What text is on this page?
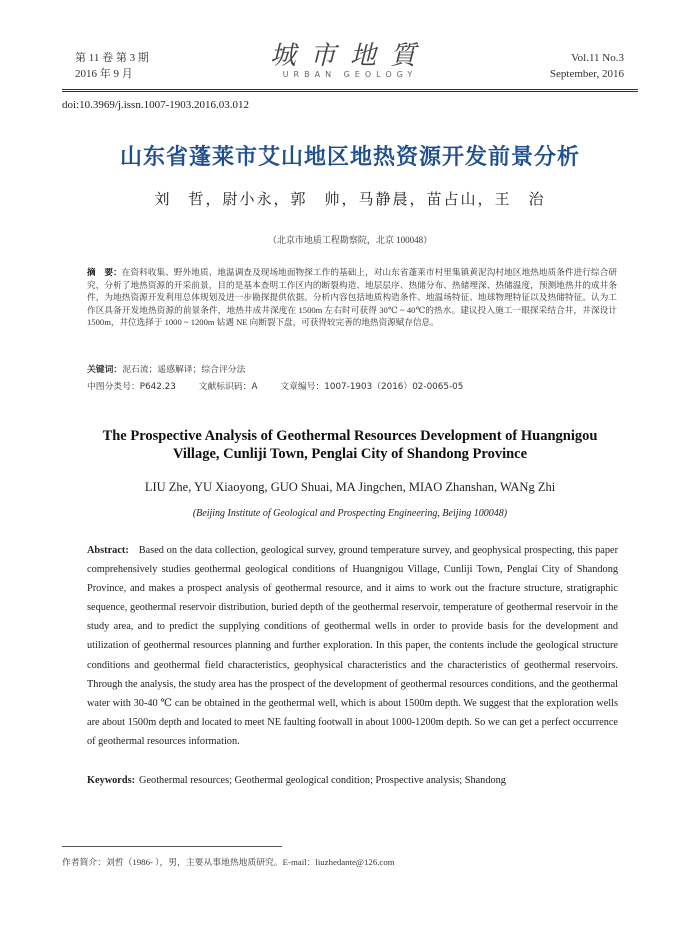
第 11 卷 第 3 期
2016 年 9 月
城市地質
URBAN GEOLOGY
Vol.11 No.3
September, 2016
doi:10.3969/j.issn.1007-1903.2016.03.012
山东省蓬莱市艾山地区地热资源开发前景分析
刘　哲，尉小永，郭　帅，马静晨，苗占山，王　治
（北京市地质工程勘察院，北京 100048）
摘　要：在资料收集、野外地质、地温调查及现场地面物探工作的基础上，对山东省蓬莱市村里集镇黄泥沟村地区地热地质条件进行综合研究，分析了地热资源的开采前景，目的是基本查明工作区内的断裂构造、地层层序、热储分布、热储埋深、热储温度，预测地热井的成井条件，为地热资源开发利用总体规划及进一步勘探提供依据。分析内容包括地质构造条件、地温场特征、地球物理特征以及热储特征。认为工作区具备开发地热资源的前景条件，地热井成井深度在 1500m 左右时可获得 30℃ ~ 40℃的热水。建议投入施工一眼探采结合井，井深设计 1500m，井位选择于 1000 ~ 1200m 钻遇 NE 向断裂下盘，可获得较完善的地热资源赋存信息。
关键词：泥石流；遥感解译；综合评分法
中图分类号：P642.23	文献标识码：A	文章编号：1007-1903（2016）02-0065-05
The Prospective Analysis of Geothermal Resources Development of Huangnigou Village, Cunliji Town, Penglai City of Shandong Province
LIU Zhe, YU Xiaoyong, GUO Shuai, MA Jingchen, MIAO Zhanshan, WANg Zhi
(Beijing Institute of Geological and Prospecting Engineering, Beijing 100048)
Abstract: Based on the data collection, geological survey, ground temperature survey, and geophysical prospecting, this paper comprehensively studies geothermal geological conditions of Huangnigou Village, Cunliji Town, Penglai City of Shandong Province, and makes a prospect analysis of geothermal resource, and it aims to work out the fracture structure, stratigraphic sequence, geothermal reservoir distribution, buried depth of the geothermal reservoir, temperature of geothermal reservoir in the study area, and to predict the supplying conditions of geothermal wells in order to provide basis for the development and utilization of geothermal resources planning and further exploration. In this paper, the contents include the geological structure conditions and geothermal field characteristics, geophysical characteristics and the characteristics of geothermal reservoirs. Through the analysis, the study area has the prospect of the development of geothermal resources conditions, and the geothermal water with 30-40 ℃ can be obtained in the geothermal well, which is about 1500m depth. We suggest that the exploration wells are about 1500m depth and located to meet NE faulting footwall in about 1000-1200m depth. So we can get a perfect occurrence of geothermal resources information.
Keywords: Geothermal resources; Geothermal geological condition; Prospective analysis; Shandong
作者简介：刘哲（1986- ），男，主要从事地热地质研究。E-mail：liuzhedante@126.com
